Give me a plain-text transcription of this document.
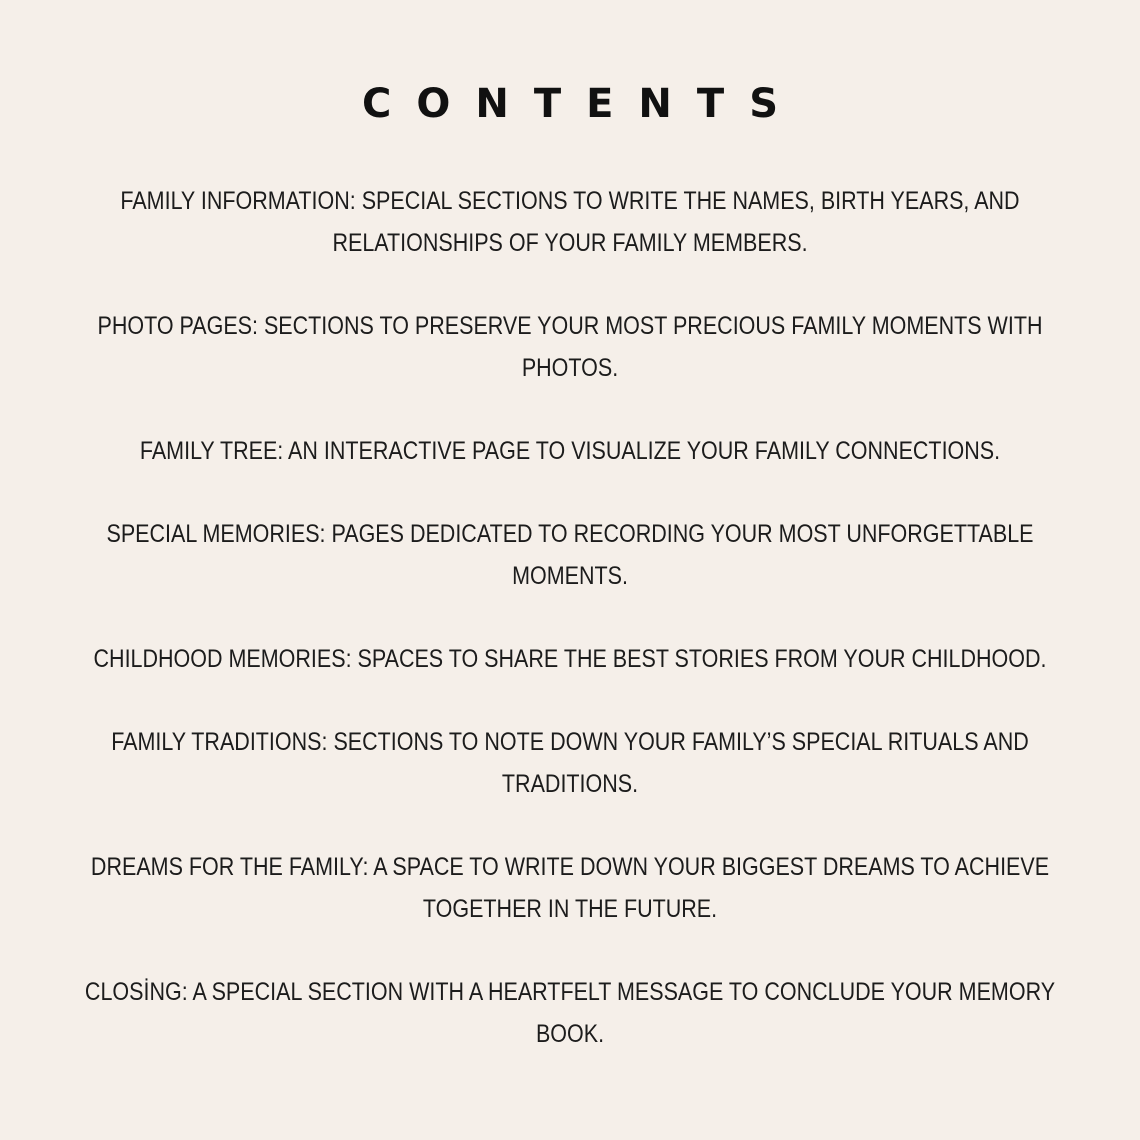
CONTENTS
FAMILY INFORMATION: SPECIAL SECTIONS TO WRITE THE NAMES, BIRTH YEARS, AND RELATIONSHIPS OF YOUR FAMILY MEMBERS.
PHOTO PAGES: SECTIONS TO PRESERVE YOUR MOST PRECIOUS FAMILY MOMENTS WITH PHOTOS.
FAMILY TREE: AN INTERACTIVE PAGE TO VISUALIZE YOUR FAMILY CONNECTIONS.
SPECIAL MEMORIES: PAGES DEDICATED TO RECORDING YOUR MOST UNFORGETTABLE MOMENTS.
CHILDHOOD MEMORIES: SPACES TO SHARE THE BEST STORIES FROM YOUR CHILDHOOD.
FAMILY TRADITIONS: SECTIONS TO NOTE DOWN YOUR FAMILY’S SPECIAL RITUALS AND TRADITIONS.
DREAMS FOR THE FAMILY: A SPACE TO WRITE DOWN YOUR BIGGEST DREAMS TO ACHIEVE TOGETHER IN THE FUTURE.
CLOSİNG: A SPECIAL SECTION WITH A HEARTFELT MESSAGE TO CONCLUDE YOUR MEMORY BOOK.
